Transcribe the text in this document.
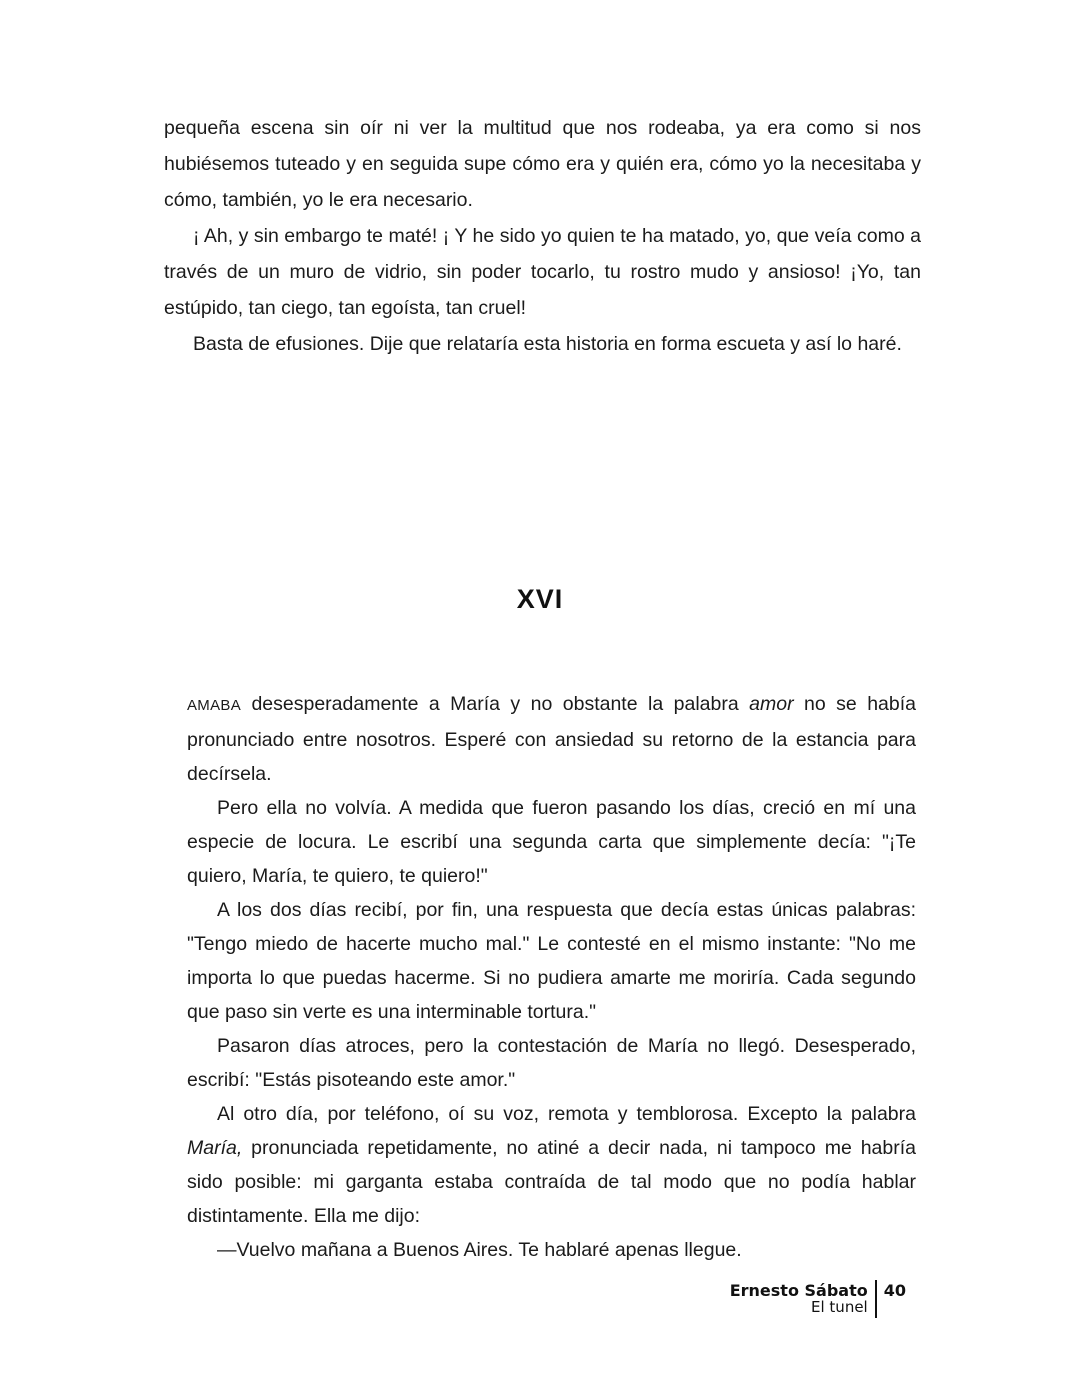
pequeña escena sin oír ni ver la multitud que nos rodeaba, ya era como si nos hubiésemos tuteado y en seguida supe cómo era y quién era, cómo yo la necesitaba y cómo, también, yo le era necesario.

¡ Ah, y sin embargo te maté! ¡ Y he sido yo quien te ha matado, yo, que veía como a través de un muro de vidrio, sin poder tocarlo, tu rostro mudo y ansioso! ¡Yo, tan estúpido, tan ciego, tan egoísta, tan cruel!

Basta de efusiones. Dije que relataría esta historia en forma escueta y así lo haré.

XVI

AMABA desesperadamente a María y no obstante la palabra amor no se había pronunciado entre nosotros. Esperé con ansiedad su retorno de la estancia para decírsela.

Pero ella no volvía. A medida que fueron pasando los días, creció en mí una especie de locura. Le escribí una segunda carta que simplemente decía: "¡Te quiero, María, te quiero, te quiero!"

A los dos días recibí, por fin, una respuesta que decía estas únicas palabras: "Tengo miedo de hacerte mucho mal." Le contesté en el mismo instante: "No me importa lo que puedas hacerme. Si no pudiera amarte me moriría. Cada segundo que paso sin verte es una interminable tortura."

Pasaron días atroces, pero la contestación de María no llegó. Desesperado, escribí: "Estás pisoteando este amor."

Al otro día, por teléfono, oí su voz, remota y temblorosa. Excepto la palabra María, pronunciada repetidamente, no atiné a decir nada, ni tampoco me habría sido posible: mi garganta estaba contraída de tal modo que no podía hablar distintamente. Ella me dijo:

—Vuelvo mañana a Buenos Aires. Te hablaré apenas llegue.

Ernesto Sábato
El tunel
40
